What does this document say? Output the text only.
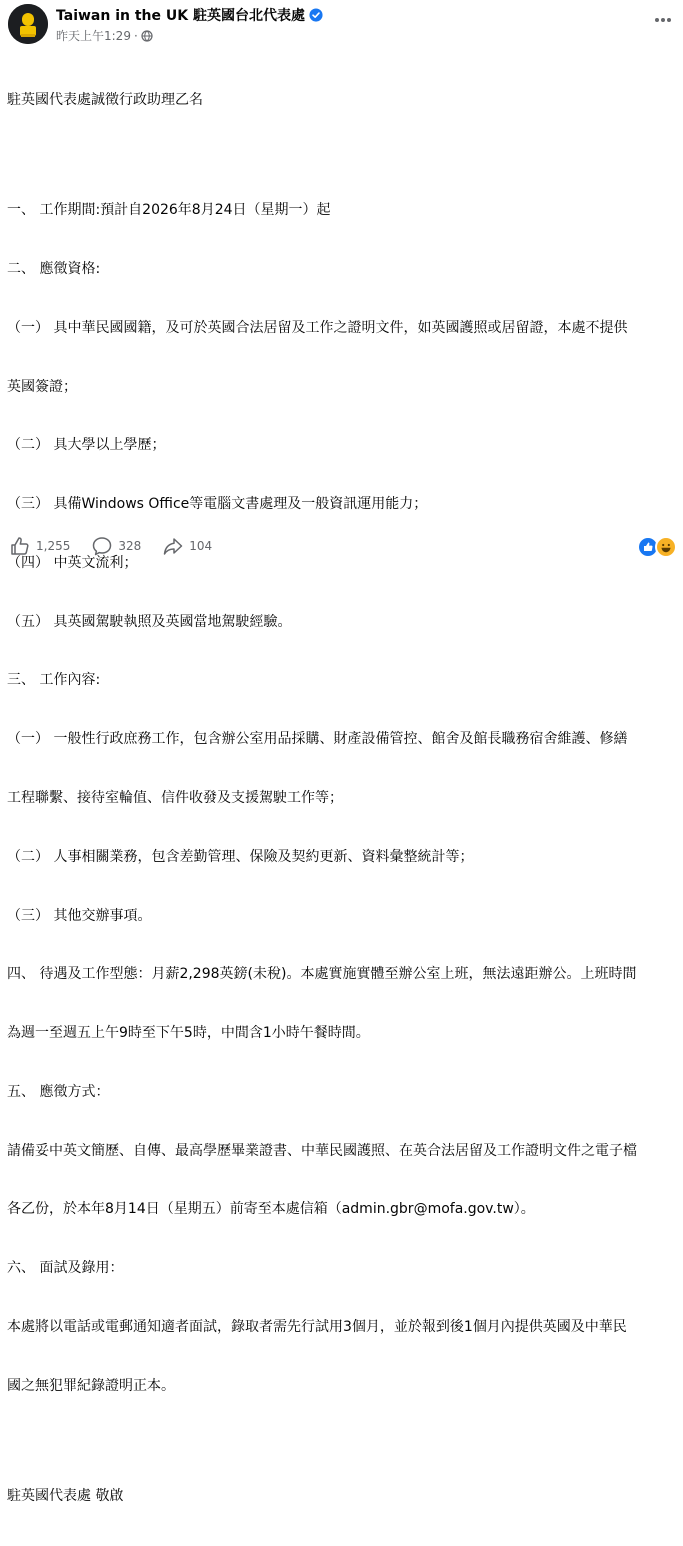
Taiwan in the UK 駐英國台北代表處
昨天上午1:29 ·

駐英國代表處誠徵行政助理乙名

一、 工作期間:預計自2026年8月24日（星期一）起

二、 應徵資格:

（一） 具中華民國國籍，及可於英國合法居留及工作之證明文件，如英國護照或居留證，本處不提供

英國簽證；

（二） 具大學以上學歷；

（三） 具備Windows Office等電腦文書處理及一般資訊運用能力；

（四） 中英文流利；

（五） 具英國駕駛執照及英國當地駕駛經驗。

三、 工作內容:

（一） 一般性行政庶務工作，包含辦公室用品採購、財產設備管控、館舍及館長職務宿舍維護、修繕

工程聯繫、接待室輪值、信件收發及支援駕駛工作等；

（二） 人事相關業務，包含差勤管理、保險及契約更新、資料彙整統計等；

（三） 其他交辦事項。

四、 待遇及工作型態：月薪2,298英鎊(未稅)。本處實施實體至辦公室上班，無法遠距辦公。上班時間

為週一至週五上午9時至下午5時，中間含1小時午餐時間。

五、 應徵方式：

請備妥中英文簡歷、自傳、最高學歷畢業證書、中華民國護照、在英合法居留及工作證明文件之電子檔

各乙份，於本年8月14日（星期五）前寄至本處信箱（admin.gbr@mofa.gov.tw）。

六、 面試及錄用：

本處將以電話或電郵通知適者面試，錄取者需先行試用3個月，並於報到後1個月內提供英國及中華民

國之無犯罪紀錄證明正本。

駐英國代表處 敬啟

1,255	328	104
